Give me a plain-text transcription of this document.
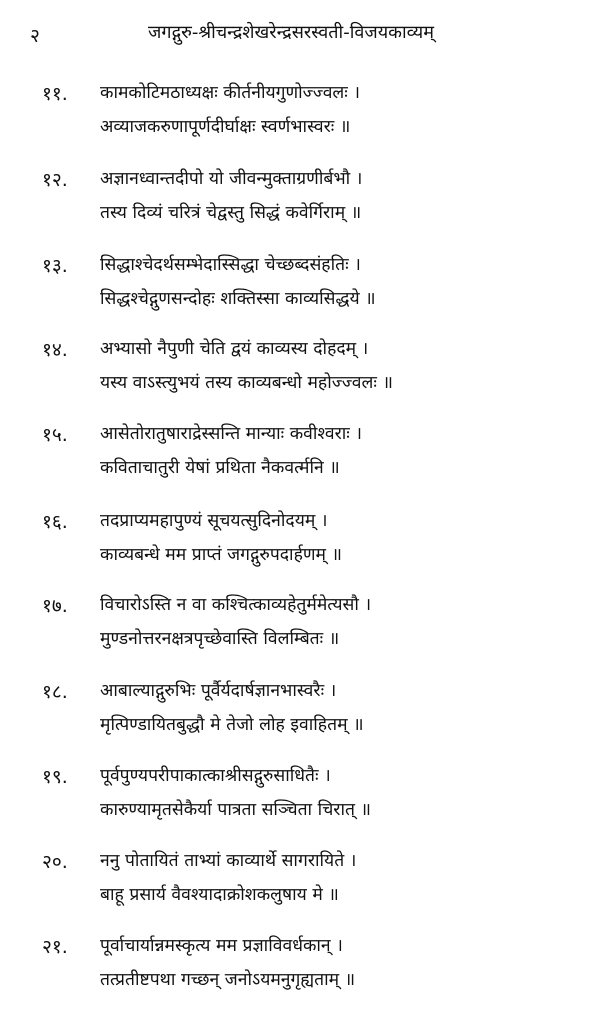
२	जगद्गुरु-श्रीचन्द्रशेखरेन्द्रसरस्वती-विजयकाव्यम्
११. कामकोटिमठाध्यक्षः कीर्तनीयगुणोज्ज्वलः ।
अव्याजकरुणापूर्णदीर्घाक्षः स्वर्णभास्वरः ॥
१२. अज्ञानध्वान्तदीपो यो जीवन्मुक्ताग्रणीर्बभौ ।
तस्य दिव्यं चरित्रं चेद्वस्तु सिद्धं कवेर्गिराम् ॥
१३. सिद्धाश्चेदर्थसम्भेदास्सिद्धा चेच्छब्दसंहतिः ।
सिद्धश्चेद्गुणसन्दोहः शक्तिस्सा काव्यसिद्धये ॥
१४. अभ्यासो नैपुणी चेति द्वयं काव्यस्य दोहदम् ।
यस्य वाऽस्त्युभयं तस्य काव्यबन्धो महोज्ज्वलः ॥
१५. आसेतोरातुषाराद्रेस्सन्ति मान्याः कवीश्वराः ।
कविताचातुरी येषां प्रथिता नैकवर्त्मनि ॥
१६. तदप्राप्यमहापुण्यं सूचयत्सुदिनोदयम् ।
काव्यबन्धे मम प्राप्तं जगद्गुरुपदार्हणम् ॥
१७. विचारोऽस्ति न वा कश्चित्काव्यहेतुर्ममेत्यसौ ।
मुण्डनोत्तरनक्षत्रपृच्छेवास्ति विलम्बितः ॥
१८. आबाल्याद्गुरुभिः पूर्वैर्यदार्षज्ञानभास्वरैः ।
मृत्पिण्डायितबुद्धौ मे तेजो लोह इवाहितम् ॥
१९. पूर्वपुण्यपरीपाकात्काश्रीसद्गुरुसाधितैः ।
कारुण्यामृतसेकैर्या पात्रता सञ्चिता चिरात् ॥
२०. ननु पोतायितं ताभ्यां काव्यार्थे सागरायिते ।
बाहू प्रसार्य वैवश्यादाक्रोशकलुषाय मे ॥
२१. पूर्वाचार्यान्नमस्कृत्य मम प्रज्ञाविवर्धकान् ।
तत्प्रतीष्टपथा गच्छन् जनोऽयमनुगृह्यताम् ॥
